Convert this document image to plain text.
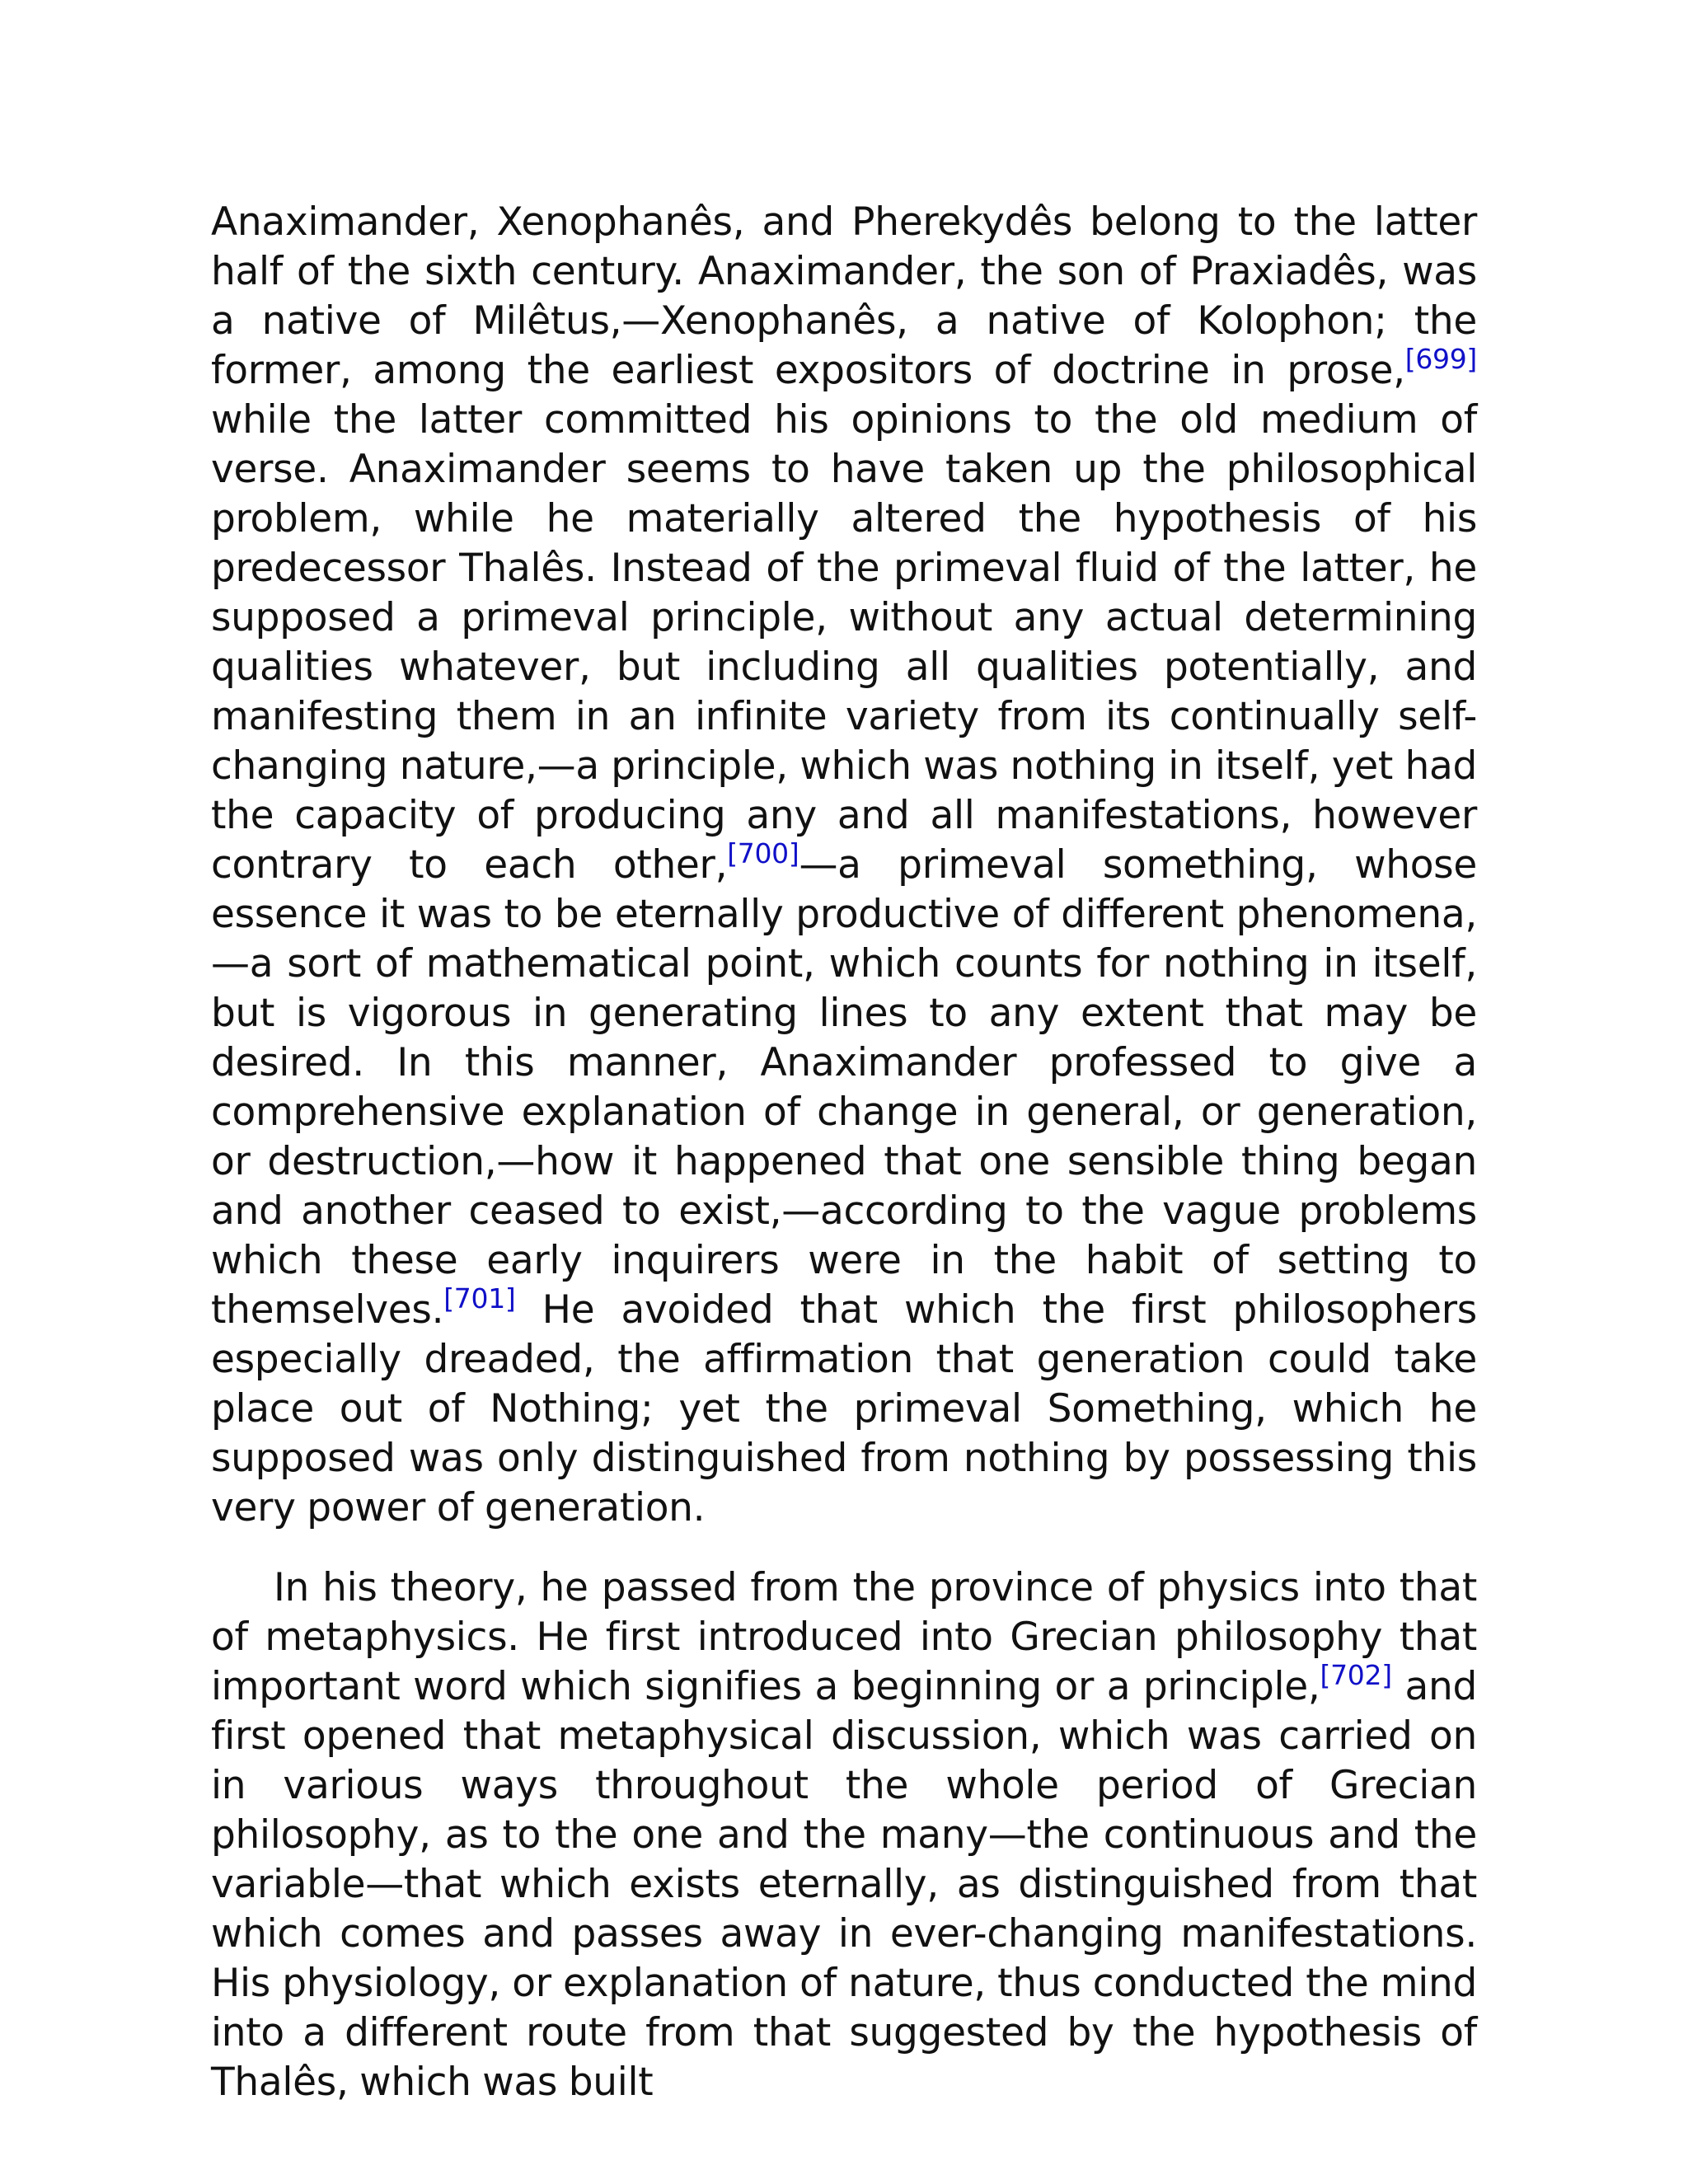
Anaximander, Xenophanês, and Pherekydês belong to the latter half of the sixth century. Anaximander, the son of Praxiadês, was a native of Milêtus,—Xenophanês, a native of Kolophon; the former, among the earliest expositors of doctrine in prose,[699] while the latter committed his opinions to the old medium of verse. Anaximander seems to have taken up the philosophical problem, while he materially altered the hypothesis of his predecessor Thalês. Instead of the primeval fluid of the latter, he supposed a primeval principle, without any actual determining qualities whatever, but including all qualities potentially, and manifesting them in an infinite variety from its continually self-changing nature,—a principle, which was nothing in itself, yet had the capacity of producing any and all manifestations, however contrary to each other,[700]—a primeval something, whose essence it was to be eternally productive of different phenomena,—a sort of mathematical point, which counts for nothing in itself, but is vigorous in generating lines to any extent that may be desired. In this manner, Anaximander professed to give a comprehensive explanation of change in general, or generation, or destruction,—how it happened that one sensible thing began and another ceased to exist,—according to the vague problems which these early inquirers were in the habit of setting to themselves.[701] He avoided that which the first philosophers especially dreaded, the affirmation that generation could take place out of Nothing; yet the primeval Something, which he supposed was only distinguished from nothing by possessing this very power of generation.

In his theory, he passed from the province of physics into that of metaphysics. He first introduced into Grecian philosophy that important word which signifies a beginning or a principle,[702] and first opened that metaphysical discussion, which was carried on in various ways throughout the whole period of Grecian philosophy, as to the one and the many—the continuous and the variable—that which exists eternally, as distinguished from that which comes and passes away in ever-changing manifestations. His physiology, or explanation of nature, thus conducted the mind into a different route from that suggested by the hypothesis of Thalês, which was built
